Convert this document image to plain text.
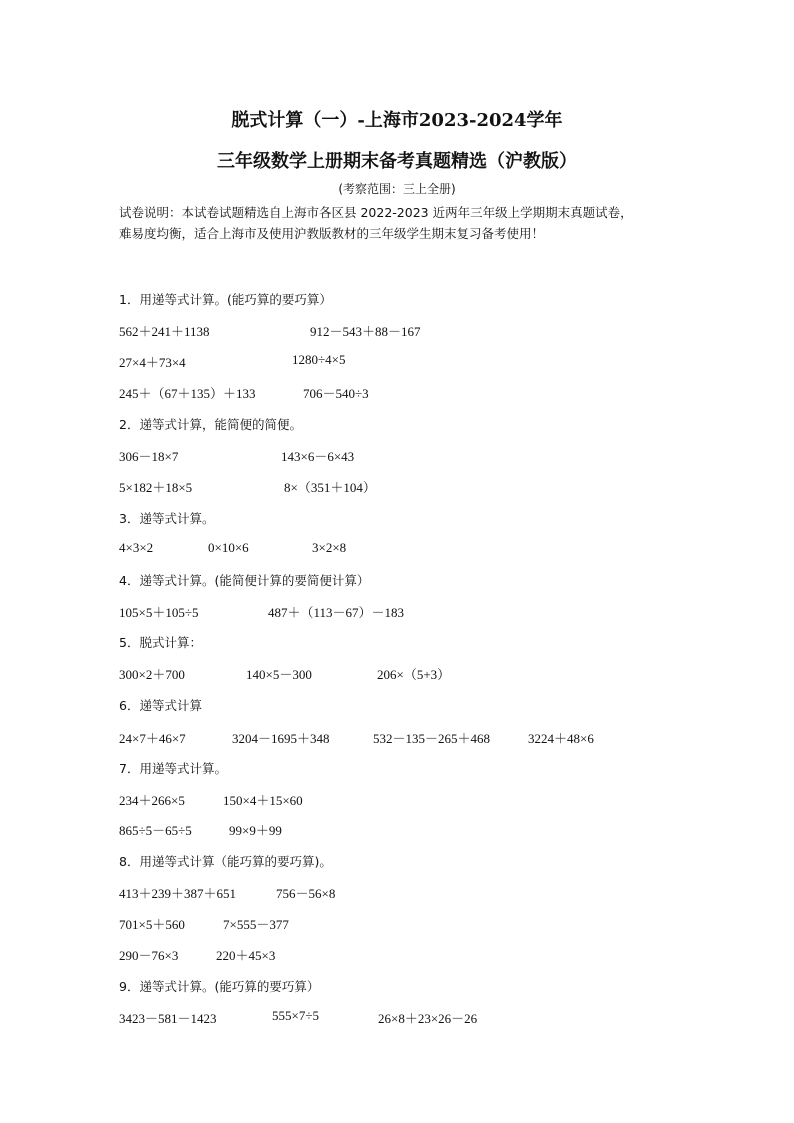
脱式计算（一）-上海市2023-2024学年
三年级数学上册期末备考真题精选（沪教版）
(考察范围：三上全册)
试卷说明：本试卷试题精选自上海市各区县 2022-2023 近两年三年级上学期期末真题试卷，
难易度均衡，适合上海市及使用沪教版教材的三年级学生期末复习备考使用！
1．用递等式计算。(能巧算的要巧算）
562＋241＋1138	912－543＋88－167
27×4＋73×4	1280÷4×5
245＋（67＋135）＋133	706－540÷3
2．递等式计算，能简便的简便。
306－18×7	143×6－6×43
5×182＋18×5	8×（351＋104）
3．递等式计算。
4×3×2	0×10×6	3×2×8
4．递等式计算。(能简便计算的要简便计算）
105×5＋105÷5	487＋（113－67）－183
5．脱式计算：
300×2＋700	140×5－300	206×（5+3）
6．递等式计算
24×7＋46×7	3204－1695＋348	532－135－265＋468	3224＋48×6
7．用递等式计算。
234＋266×5	150×4＋15×60
865÷5－65÷5	99×9＋99
8．用递等式计算（能巧算的要巧算)。
413＋239＋387＋651	756－56×8
701×5＋560	7×555－377
290－76×3	220＋45×3
9．递等式计算。(能巧算的要巧算）
3423－581－1423	555×7÷5	26×8＋23×26－26
